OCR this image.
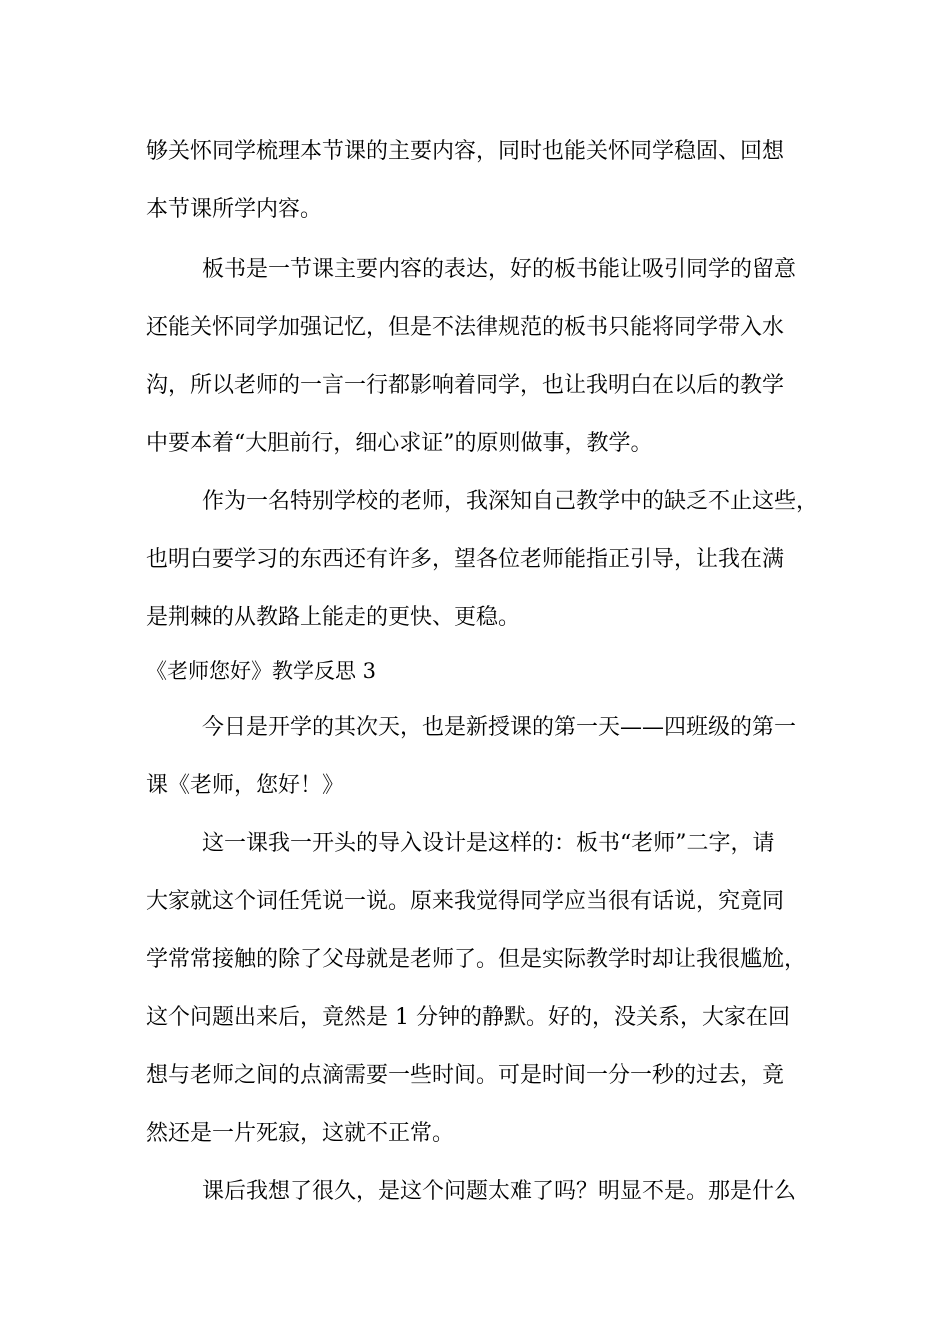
够关怀同学梳理本节课的主要内容，同时也能关怀同学稳固、回想
本节课所学内容。
板书是一节课主要内容的表达，好的板书能让吸引同学的留意
还能关怀同学加强记忆，但是不法律规范的板书只能将同学带入水
沟，所以老师的一言一行都影响着同学，也让我明白在以后的教学
中要本着“大胆前行，细心求证”的原则做事，教学。
作为一名特别学校的老师，我深知自己教学中的缺乏不止这些，
也明白要学习的东西还有许多，望各位老师能指正引导，让我在满
是荆棘的从教路上能走的更快、更稳。
《老师您好》教学反思 3
今日是开学的其次天，也是新授课的第一天——四班级的第一
课《老师，您好！》
这一课我一开头的导入设计是这样的：板书“老师”二字，请
大家就这个词任凭说一说。原来我觉得同学应当很有话说，究竟同
学常常接触的除了父母就是老师了。但是实际教学时却让我很尴尬，
这个问题出来后，竟然是 1 分钟的静默。好的，没关系，大家在回
想与老师之间的点滴需要一些时间。可是时间一分一秒的过去，竟
然还是一片死寂，这就不正常。
课后我想了很久，是这个问题太难了吗？明显不是。那是什么
